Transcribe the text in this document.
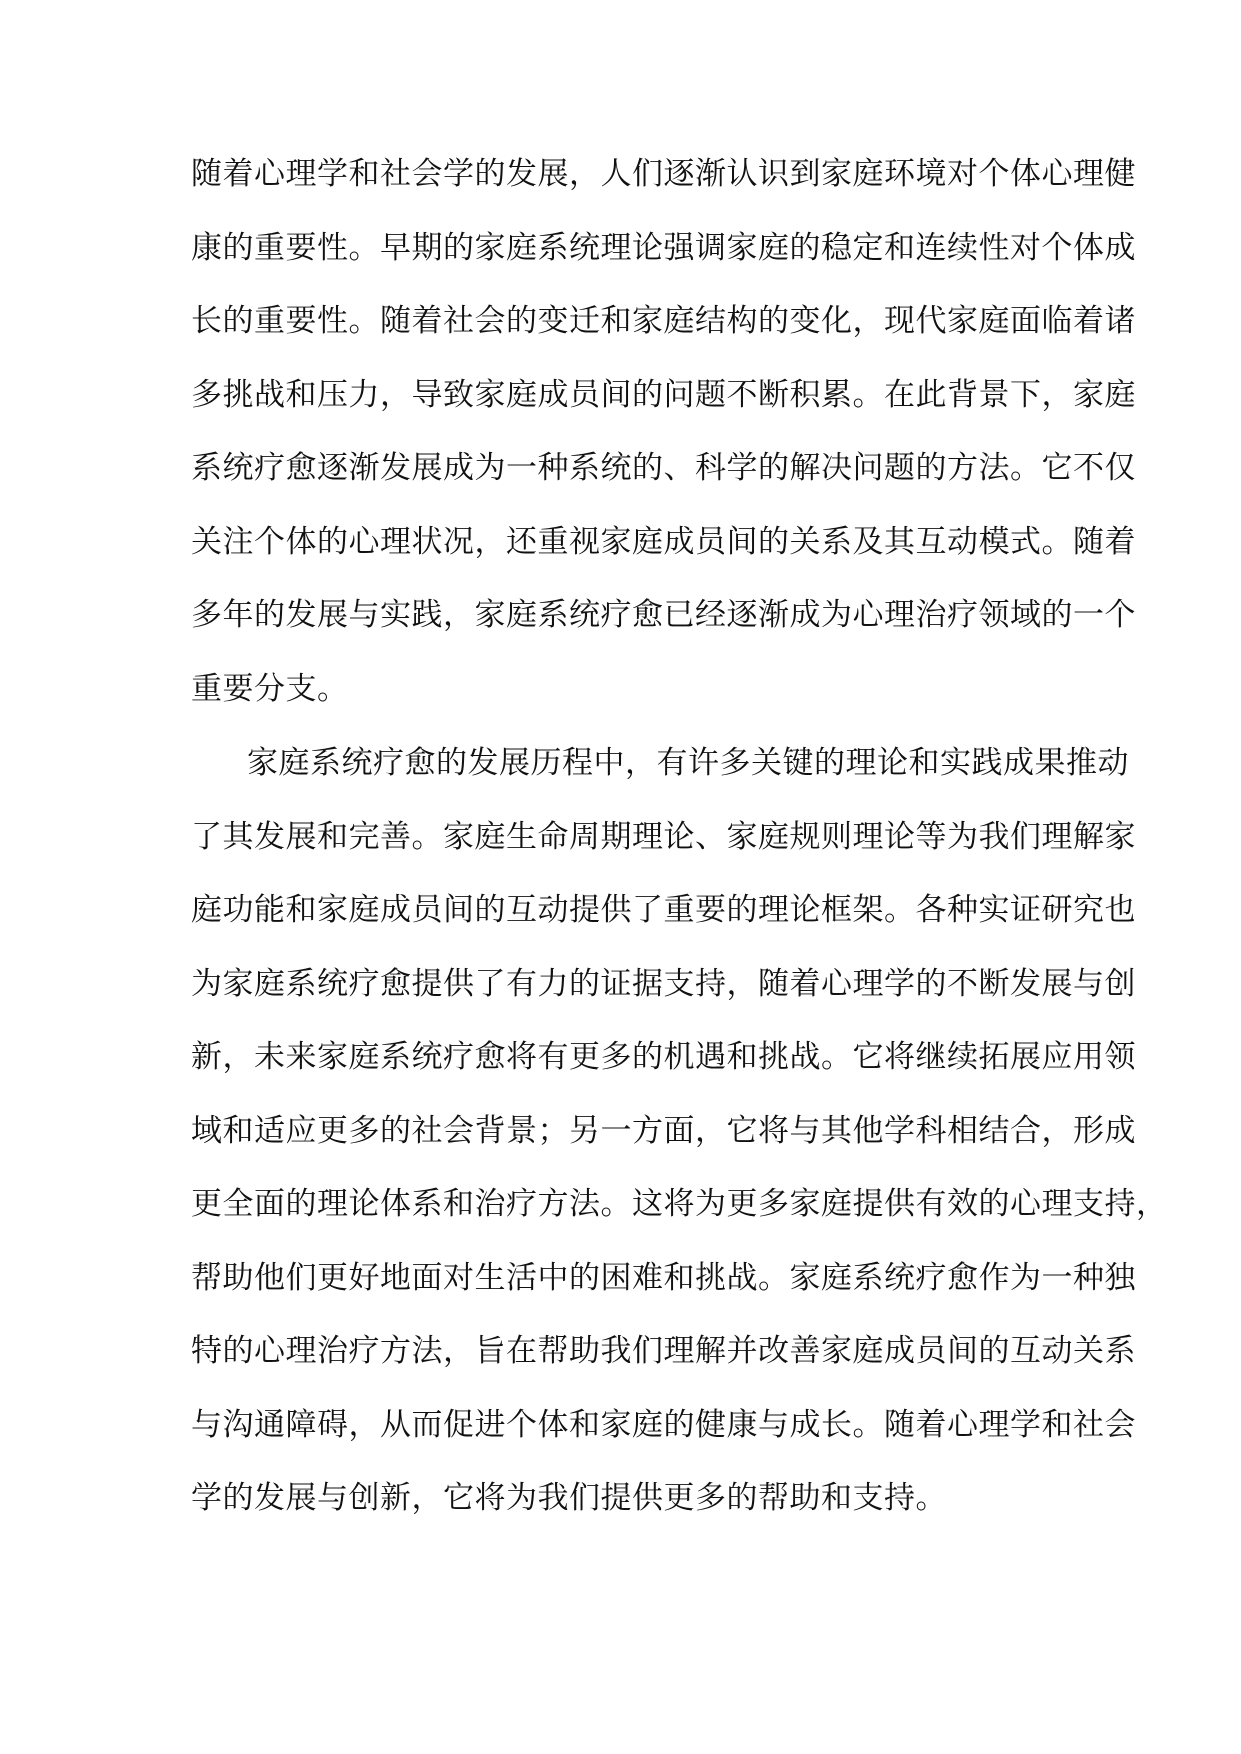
随着心理学和社会学的发展，人们逐渐认识到家庭环境对个体心理健
康的重要性。早期的家庭系统理论强调家庭的稳定和连续性对个体成
长的重要性。随着社会的变迁和家庭结构的变化，现代家庭面临着诸
多挑战和压力，导致家庭成员间的问题不断积累。在此背景下，家庭
系统疗愈逐渐发展成为一种系统的、科学的解决问题的方法。它不仅
关注个体的心理状况，还重视家庭成员间的关系及其互动模式。随着
多年的发展与实践，家庭系统疗愈已经逐渐成为心理治疗领域的一个
重要分支。
家庭系统疗愈的发展历程中，有许多关键的理论和实践成果推动
了其发展和完善。家庭生命周期理论、家庭规则理论等为我们理解家
庭功能和家庭成员间的互动提供了重要的理论框架。各种实证研究也
为家庭系统疗愈提供了有力的证据支持，随着心理学的不断发展与创
新，未来家庭系统疗愈将有更多的机遇和挑战。它将继续拓展应用领
域和适应更多的社会背景；另一方面，它将与其他学科相结合，形成
更全面的理论体系和治疗方法。这将为更多家庭提供有效的心理支持，
帮助他们更好地面对生活中的困难和挑战。家庭系统疗愈作为一种独
特的心理治疗方法，旨在帮助我们理解并改善家庭成员间的互动关系
与沟通障碍，从而促进个体和家庭的健康与成长。随着心理学和社会
学的发展与创新，它将为我们提供更多的帮助和支持。
